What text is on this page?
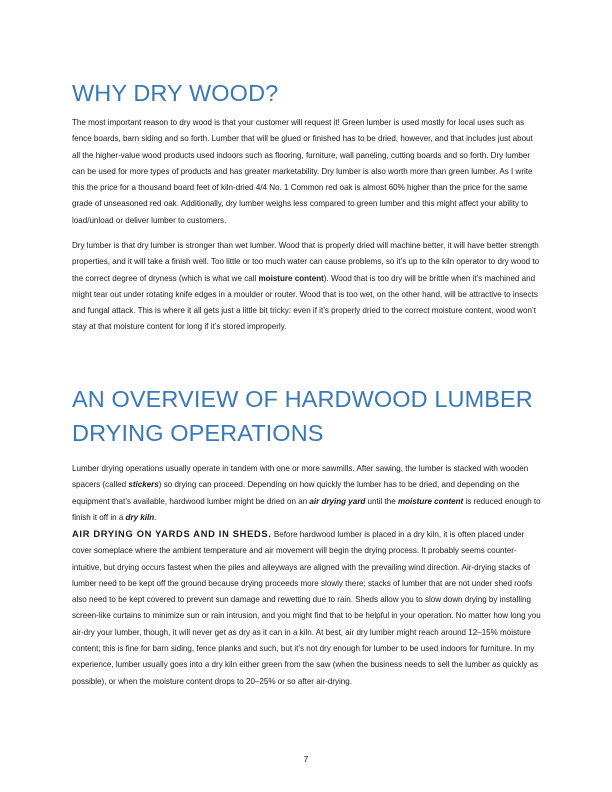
WHY DRY WOOD?

The most important reason to dry wood is that your customer will request it! Green lumber is used mostly for local uses such as fence boards, barn siding and so forth. Lumber that will be glued or finished has to be dried, however, and that includes just about all the higher-value wood products used indoors such as flooring, furniture, wall paneling, cutting boards and so forth. Dry lumber can be used for more types of products and has greater marketability. Dry lumber is also worth more than green lumber. As I write this the price for a thousand board feet of kiln-dried 4/4 No. 1 Common red oak is almost 60% higher than the price for the same grade of unseasoned red oak. Additionally, dry lumber weighs less compared to green lumber and this might affect your ability to load/unload or deliver lumber to customers.

Dry lumber is that dry lumber is stronger than wet lumber. Wood that is properly dried will machine better, it will have better strength properties, and it will take a finish well. Too little or too much water can cause problems, so it’s up to the kiln operator to dry wood to the correct degree of dryness (which is what we call moisture content). Wood that is too dry will be brittle when it’s machined and might tear out under rotating knife edges in a moulder or router. Wood that is too wet, on the other hand, will be attractive to insects and fungal attack. This is where it all gets just a little bit tricky: even if it’s properly dried to the correct moisture content, wood won’t stay at that moisture content for long if it’s stored improperly.

AN OVERVIEW OF HARDWOOD LUMBER DRYING OPERATIONS

Lumber drying operations usually operate in tandem with one or more sawmills. After sawing, the lumber is stacked with wooden spacers (called stickers) so drying can proceed. Depending on how quickly the lumber has to be dried, and depending on the equipment that’s available, hardwood lumber might be dried on an air drying yard until the moisture content is reduced enough to finish it off in a dry kiln.

AIR DRYING ON YARDS AND IN SHEDS. Before hardwood lumber is placed in a dry kiln, it is often placed under cover someplace where the ambient temperature and air movement will begin the drying process. It probably seems counter-intuitive, but drying occurs fastest when the piles and alleyways are aligned with the prevailing wind direction. Air-drying stacks of lumber need to be kept off the ground because drying proceeds more slowly there; stacks of lumber that are not under shed roofs also need to be kept covered to prevent sun damage and rewetting due to rain. Sheds allow you to slow down drying by installing screen-like curtains to minimize sun or rain intrusion, and you might find that to be helpful in your operation. No matter how long you air-dry your lumber, though, it will never get as dry as it can in a kiln. At best, air dry lumber might reach around 12–15% moisture content; this is fine for barn siding, fence planks and such, but it’s not dry enough for lumber to be used indoors for furniture. In my experience, lumber usually goes into a dry kiln either green from the saw (when the business needs to sell the lumber as quickly as possible), or when the moisture content drops to 20–25% or so after air-drying.

7
